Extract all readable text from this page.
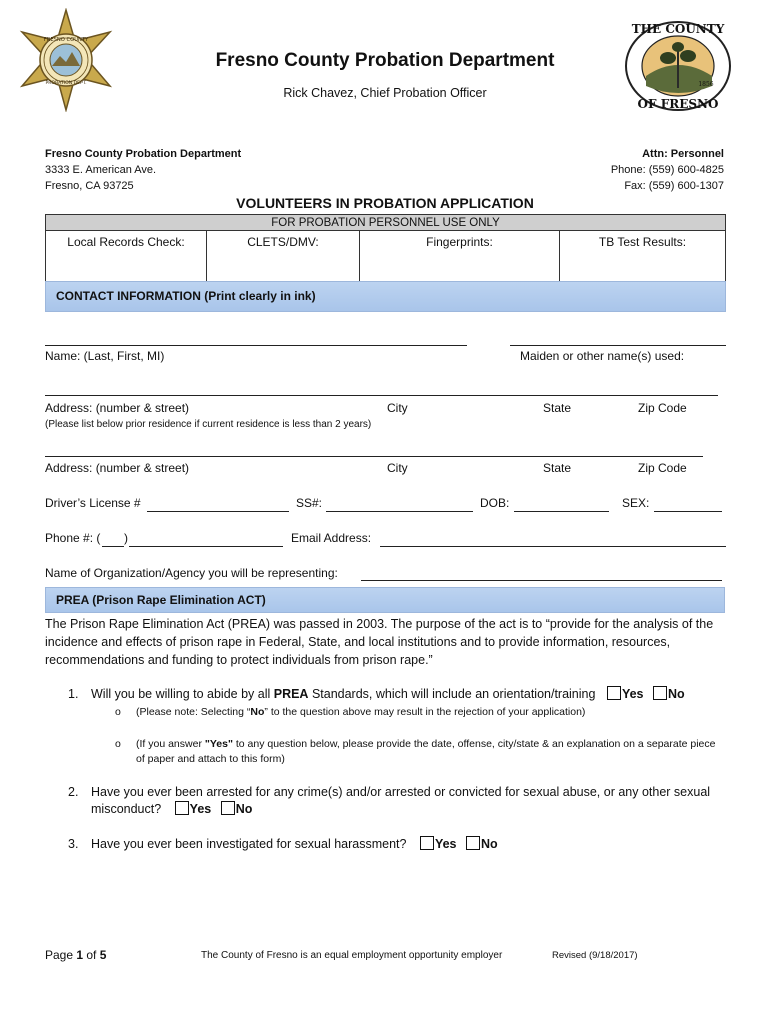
FRESNO COUNTY
PROBATION DEPT.
THE COUNTY
OF FRESNO
1856
Fresno County Probation Department
Rick Chavez, Chief Probation Officer
Fresno County Probation Department
3333 E. American Ave.
Fresno, CA 93725
Attn: Personnel
Phone: (559) 600-4825
Fax: (559) 600-1307
VOLUNTEERS IN PROBATION APPLICATION
FOR PROBATION PERSONNEL USE ONLY
Local Records Check:	CLETS/DMV:	Fingerprints:	TB Test Results:
CONTACT INFORMATION (Print clearly in ink)
Name: (Last, First, MI)	Maiden or other name(s) used:
Address: (number & street)	City	State	Zip Code
(Please list below prior residence if current residence is less than 2 years)
Address: (number & street)	City	State	Zip Code
Driver’s License #	SS#:	DOB:	SEX:
Phone #: ( )	Email Address:
Name of Organization/Agency you will be representing:
PREA (Prison Rape Elimination ACT)
The Prison Rape Elimination Act (PREA) was passed in 2003. The purpose of the act is to “provide for the analysis of the incidence and effects of prison rape in Federal, State, and local institutions and to provide information, resources, recommendations and funding to protect individuals from prison rape.”
1. Will you be willing to abide by all PREA Standards, which will include an orientation/training Yes No
o (Please note: Selecting “No” to the question above may result in the rejection of your application)
o (If you answer "Yes" to any question below, please provide the date, offense, city/state & an explanation on a separate piece of paper and attach to this form)
2. Have you ever been arrested for any crime(s) and/or arrested or convicted for sexual abuse, or any other sexual misconduct? Yes No
3. Have you ever been investigated for sexual harassment? Yes No
Page 1 of 5	The County of Fresno is an equal employment opportunity employer	Revised (9/18/2017)
